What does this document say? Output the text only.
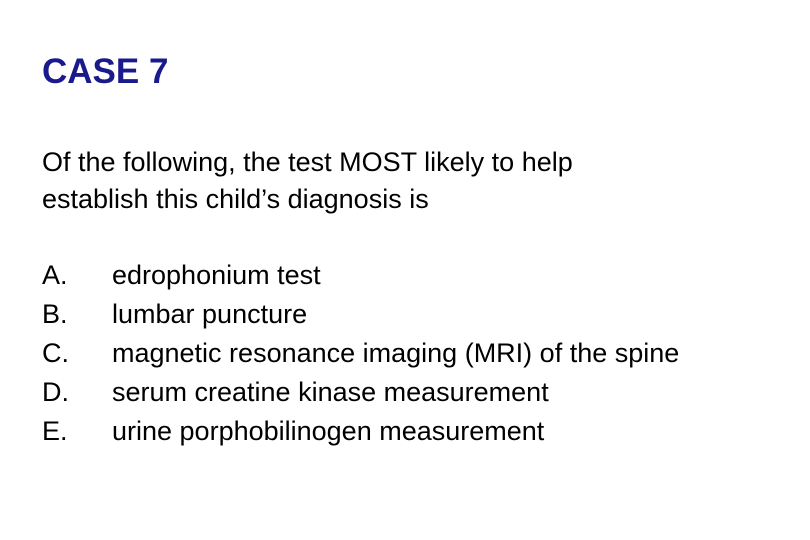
CASE 7
Of the following, the test MOST likely to help
establish this child’s diagnosis is
A.	edrophonium test
B.	lumbar puncture
C.	magnetic resonance imaging (MRI) of the spine
D.	serum creatine kinase measurement
E.	urine porphobilinogen measurement
